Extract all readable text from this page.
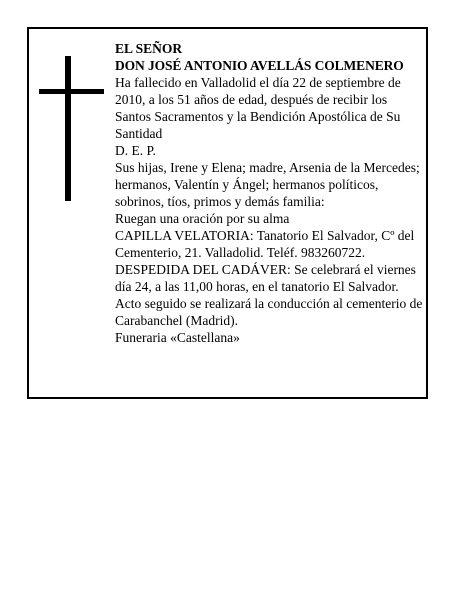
EL SEÑOR

DON JOSÉ ANTONIO AVELLÁS COLMENERO

Ha fallecido en Valladolid el día 22 de septiembre de 2010, a los 51 años de edad, después de recibir los Santos Sacramentos y la Bendición Apostólica de Su Santidad

D. E. P.

Sus hijas, Irene y Elena; madre, Arsenia de la Mercedes; hermanos, Valentín y Ángel; hermanos políticos, sobrinos, tíos, primos y demás familia:

Ruegan una oración por su alma

CAPILLA VELATORIA: Tanatorio El Salvador, Cº del Cementerio, 21. Valladolid. Teléf. 983260722.

DESPEDIDA DEL CADÁVER: Se celebrará el viernes día 24, a las 11,00 horas, en el tanatorio El Salvador. Acto seguido se realizará la conducción al cementerio de Carabanchel (Madrid).

Funeraria «Castellana»
